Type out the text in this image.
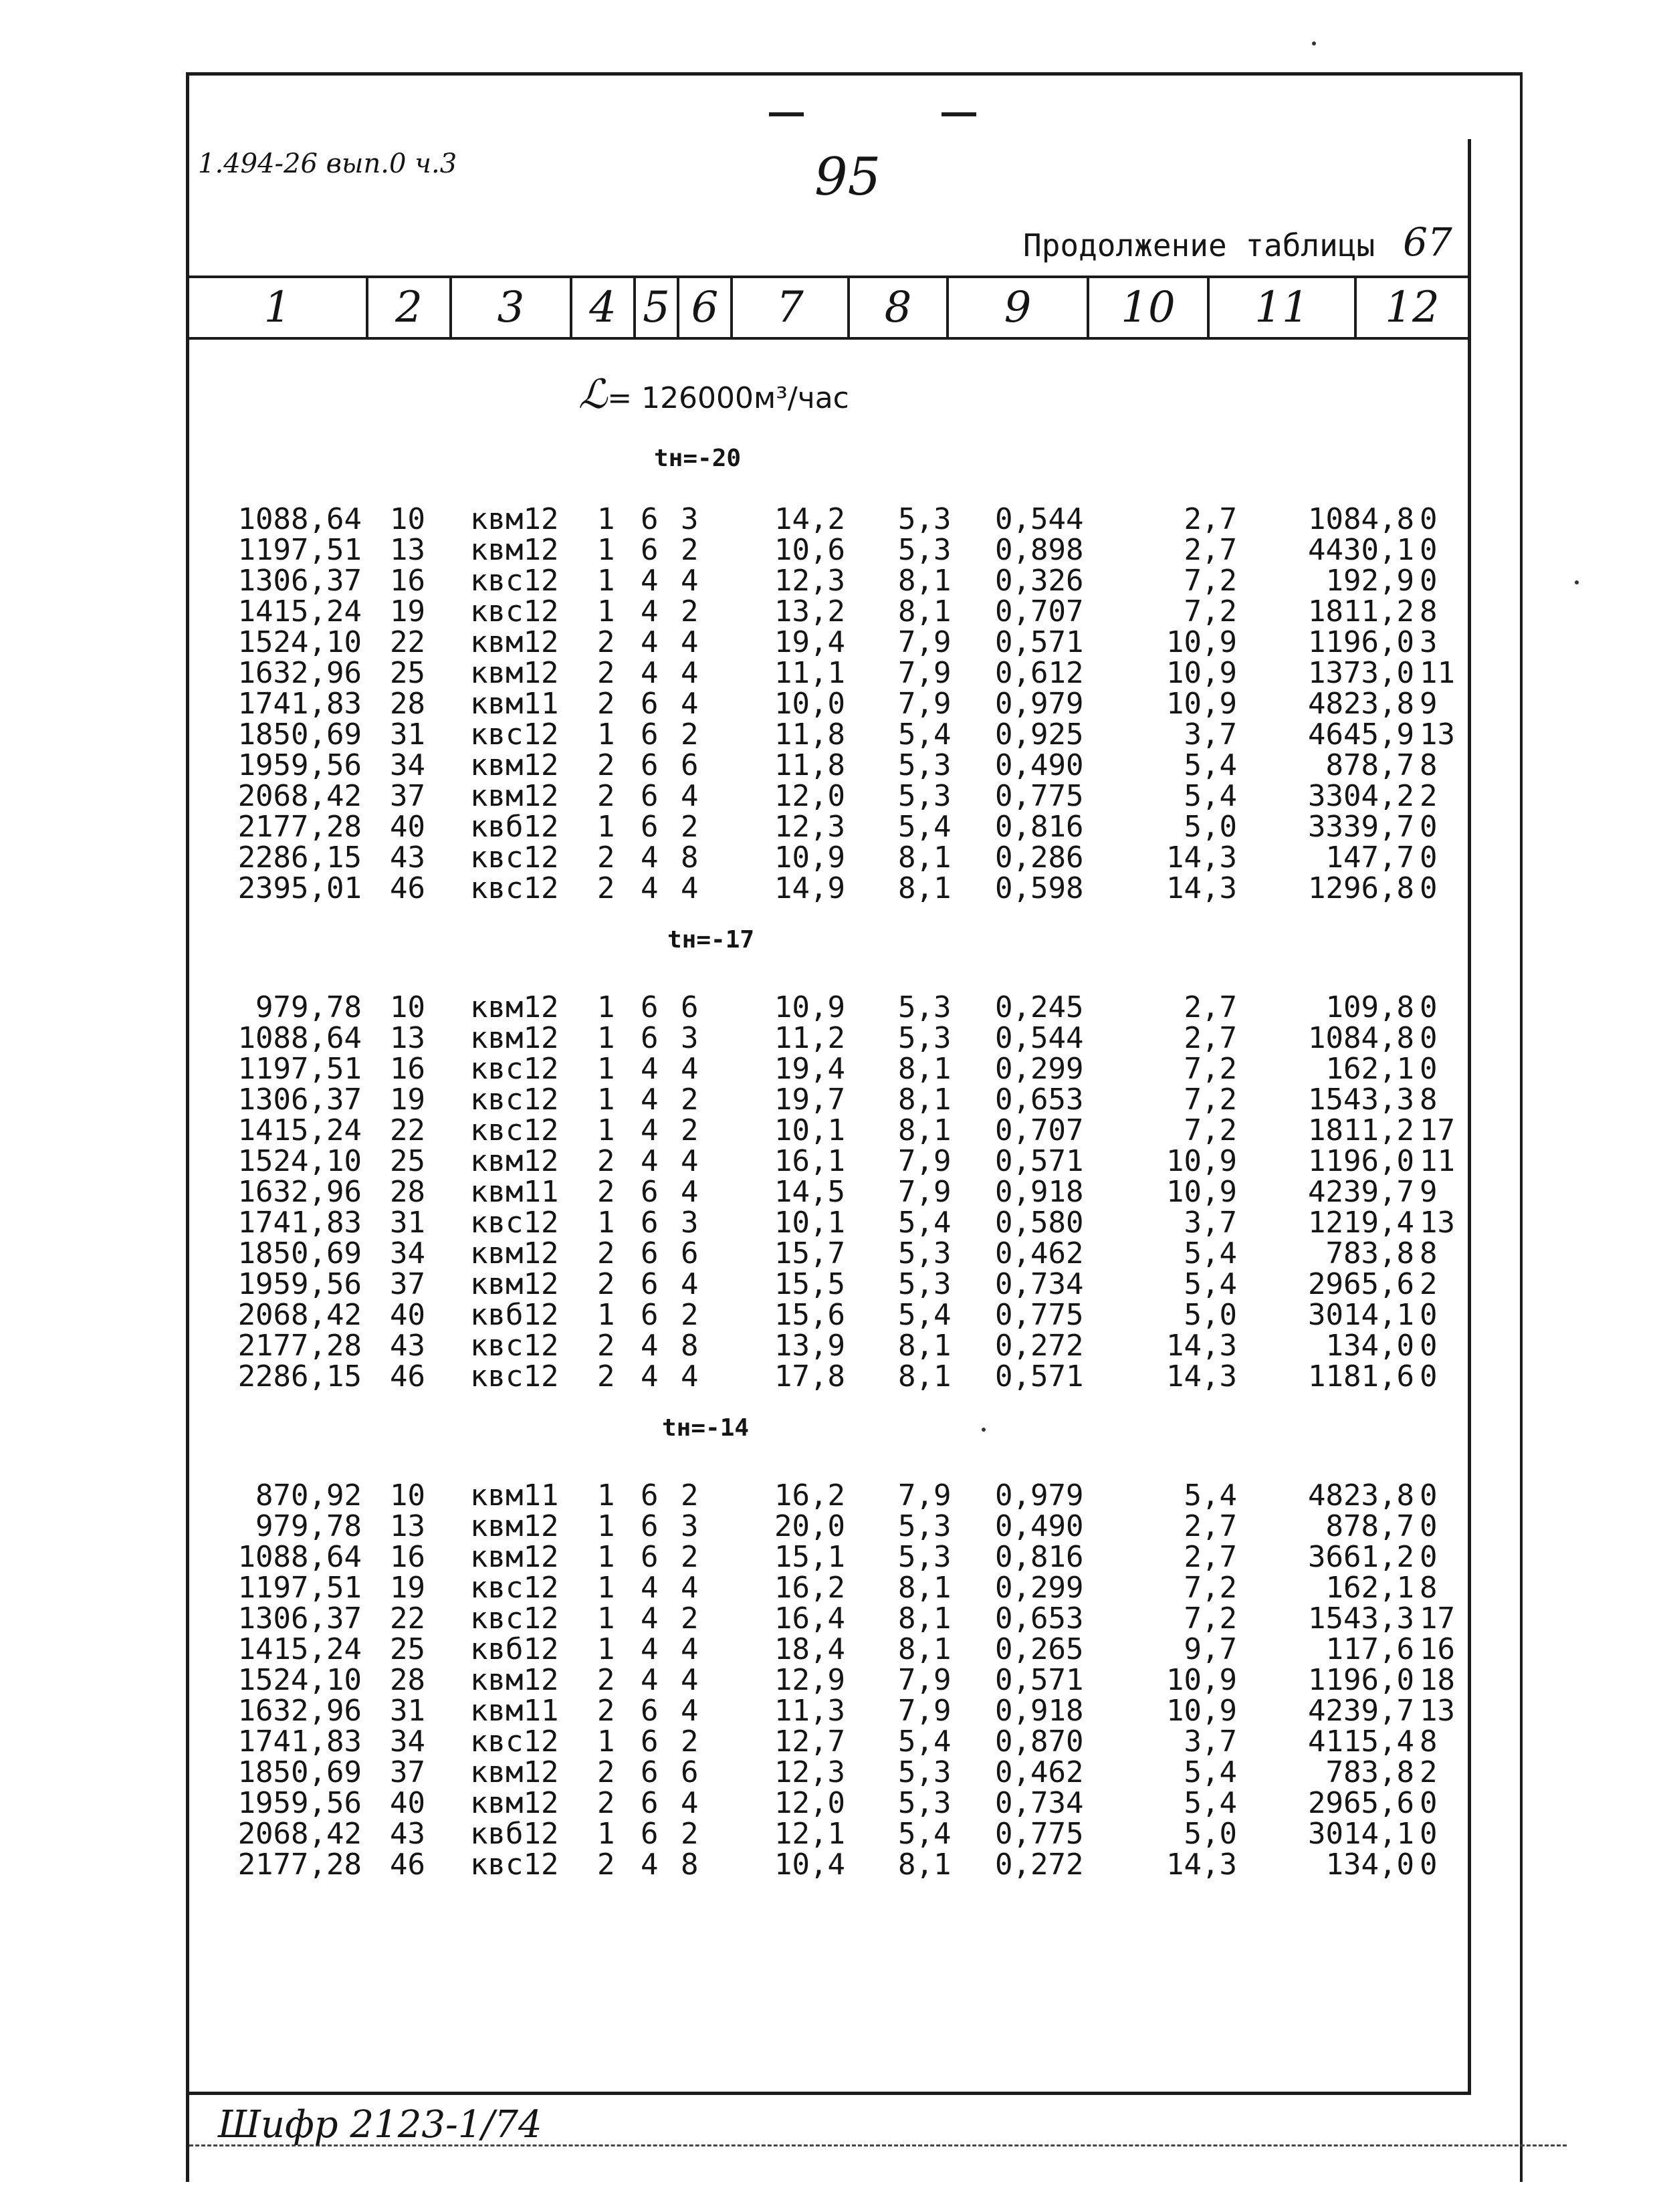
1.494-26 вып.0 ч.3	95
Продолжение таблицы 67
1	2	3	4 5 6	7	8	9	10	11	12
ℒ= 126000м³/час
tн=-20
tн=-17
tн=-14
1088,64 10 квм12 1 6 3	14,2 5,3 0,544	2,7 1084,8 0
1197,51 13 квм12 1 6 2	10,6 5,3 0,898	2,7 4430,1 0
1306,37 16 квс12 1 4 4	12,3 8,1 0,326	7,2	192,9 0
1415,24 19 квс12 1 4 2	13,2 8,1 0,707	7,2 1811,2 8
1524,10 22 квм12 2 4 4	19,4 7,9 0,571	10,9 1196,0 3
1632,96 25 квм12 2 4 4	11,1 7,9 0,612	10,9 1373,0 11
1741,83 28 квм11 2 6 4	10,0 7,9 0,979	10,9 4823,8 9
1850,69 31 квс12 1 6 2	11,8 5,4 0,925	3,7 4645,9 13
1959,56 34 квм12 2 6 6	11,8 5,3 0,490	5,4	878,7 8
2068,42 37 квм12 2 6 4	12,0 5,3 0,775	5,4 3304,2 2
2177,28 40 квб12 1 6 2	12,3 5,4 0,816	5,0 3339,7 0
2286,15 43 квс12 2 4 8	10,9 8,1 0,286	14,3	147,7 0
2395,01 46 квс12 2 4 4	14,9 8,1 0,598	14,3 1296,8 0
979,78 10 квм12 1 6 6	10,9 5,3 0,245	2,7	109,8 0
1088,64 13 квм12 1 6 3	11,2 5,3 0,544	2,7 1084,8 0
1197,51 16 квс12 1 4 4	19,4 8,1 0,299	7,2	162,1 0
1306,37 19 квс12 1 4 2	19,7 8,1 0,653	7,2 1543,3 8
1415,24 22 квс12 1 4 2	10,1 8,1 0,707	7,2 1811,2 17
1524,10 25 квм12 2 4 4	16,1 7,9 0,571	10,9 1196,0 11
1632,96 28 квм11 2 6 4	14,5 7,9 0,918	10,9 4239,7 9
1741,83 31 квс12 1 6 3	10,1 5,4 0,580	3,7 1219,4 13
1850,69 34 квм12 2 6 6	15,7 5,3 0,462	5,4	783,8 8
1959,56 37 квм12 2 6 4	15,5 5,3 0,734	5,4 2965,6 2
2068,42 40 квб12 1 6 2	15,6 5,4 0,775	5,0 3014,1 0
2177,28 43 квс12 2 4 8	13,9 8,1 0,272	14,3	134,0 0
2286,15 46 квс12 2 4 4	17,8 8,1 0,571	14,3 1181,6 0
870,92 10 квм11 1 6 2	16,2 7,9 0,979	5,4 4823,8 0
979,78 13 квм12 1 6 3	20,0 5,3 0,490	2,7	878,7 0
1088,64 16 квм12 1 6 2	15,1 5,3 0,816	2,7 3661,2 0
1197,51 19 квс12 1 4 4	16,2 8,1 0,299	7,2	162,1 8
1306,37 22 квс12 1 4 2	16,4 8,1 0,653	7,2 1543,3 17
1415,24 25 квб12 1 4 4	18,4 8,1 0,265	9,7	117,6 16
1524,10 28 квм12 2 4 4	12,9 7,9 0,571	10,9 1196,0 18
1632,96 31 квм11 2 6 4	11,3 7,9 0,918	10,9 4239,7 13
1741,83 34 квс12 1 6 2	12,7 5,4 0,870	3,7 4115,4 8
1850,69 37 квм12 2 6 6	12,3 5,3 0,462	5,4	783,8 2
1959,56 40 квм12 2 6 4	12,0 5,3 0,734	5,4 2965,6 0
2068,42 43 квб12 1 6 2	12,1 5,4 0,775	5,0 3014,1 0
2177,28 46 квс12 2 4 8	10,4 8,1 0,272	14,3	134,0 0
Шифр 2123-1/74
